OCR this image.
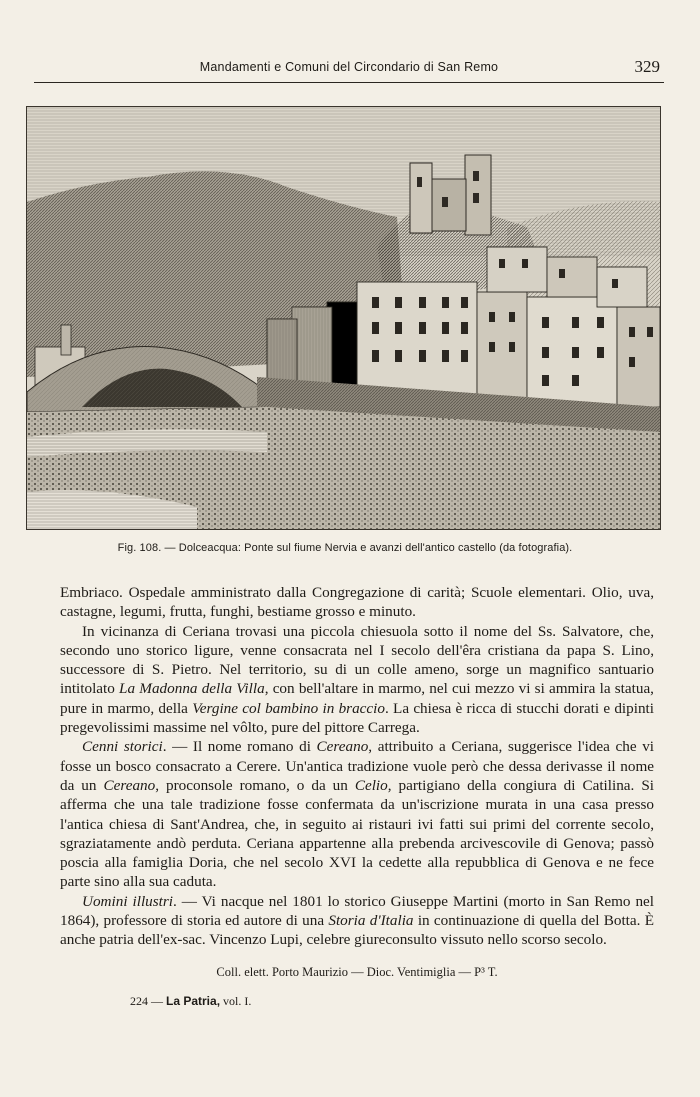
Mandamenti e Comuni del Circondario di San Remo	329
Fig. 108. — Dolceacqua: Ponte sul fiume Nervia e avanzi dell'antico castello (da fotografia).

Embriaco. Ospedale amministrato dalla Congregazione di carità; Scuole elementari. Olio, uva, castagne, legumi, frutta, funghi, bestiame grosso e minuto.

In vicinanza di Ceriana trovasi una piccola chiesuola sotto il nome del Ss. Salvatore, che, secondo uno storico ligure, venne consacrata nel I secolo dell'êra cristiana da papa S. Lino, successore di S. Pietro. Nel territorio, su di un colle ameno, sorge un magnifico santuario intitolato La Madonna della Villa, con bell'altare in marmo, nel cui mezzo vi si ammira la statua, pure in marmo, della Vergine col bambino in braccio. La chiesa è ricca di stucchi dorati e dipinti pregevolissimi massime nel vôlto, pure del pittore Carrega.

Cenni storici. — Il nome romano di Cereano, attribuito a Ceriana, suggerisce l'idea che vi fosse un bosco consacrato a Cerere. Un'antica tradizione vuole però che dessa derivasse il nome da un Cereano, proconsole romano, o da un Celio, partigiano della congiura di Catilina. Si afferma che una tale tradizione fosse confermata da un'iscrizione murata in una casa presso l'antica chiesa di Sant'Andrea, che, in seguito ai ristauri ivi fatti sui primi del corrente secolo, sgraziatamente andò perduta. Ceriana appartenne alla prebenda arcivescovile di Genova; passò poscia alla famiglia Doria, che nel secolo XVI la cedette alla repubblica di Genova e ne fece parte sino alla sua caduta.

Uomini illustri. — Vi nacque nel 1801 lo storico Giuseppe Martini (morto in San Remo nel 1864), professore di storia ed autore di una Storia d'Italia in continuazione di quella del Botta. È anche patria dell'ex-sac. Vincenzo Lupi, celebre giureconsulto vissuto nello scorso secolo.

Coll. elett. Porto Maurizio — Dioc. Ventimiglia — P³ T.
224 — La Patria, vol. I.
